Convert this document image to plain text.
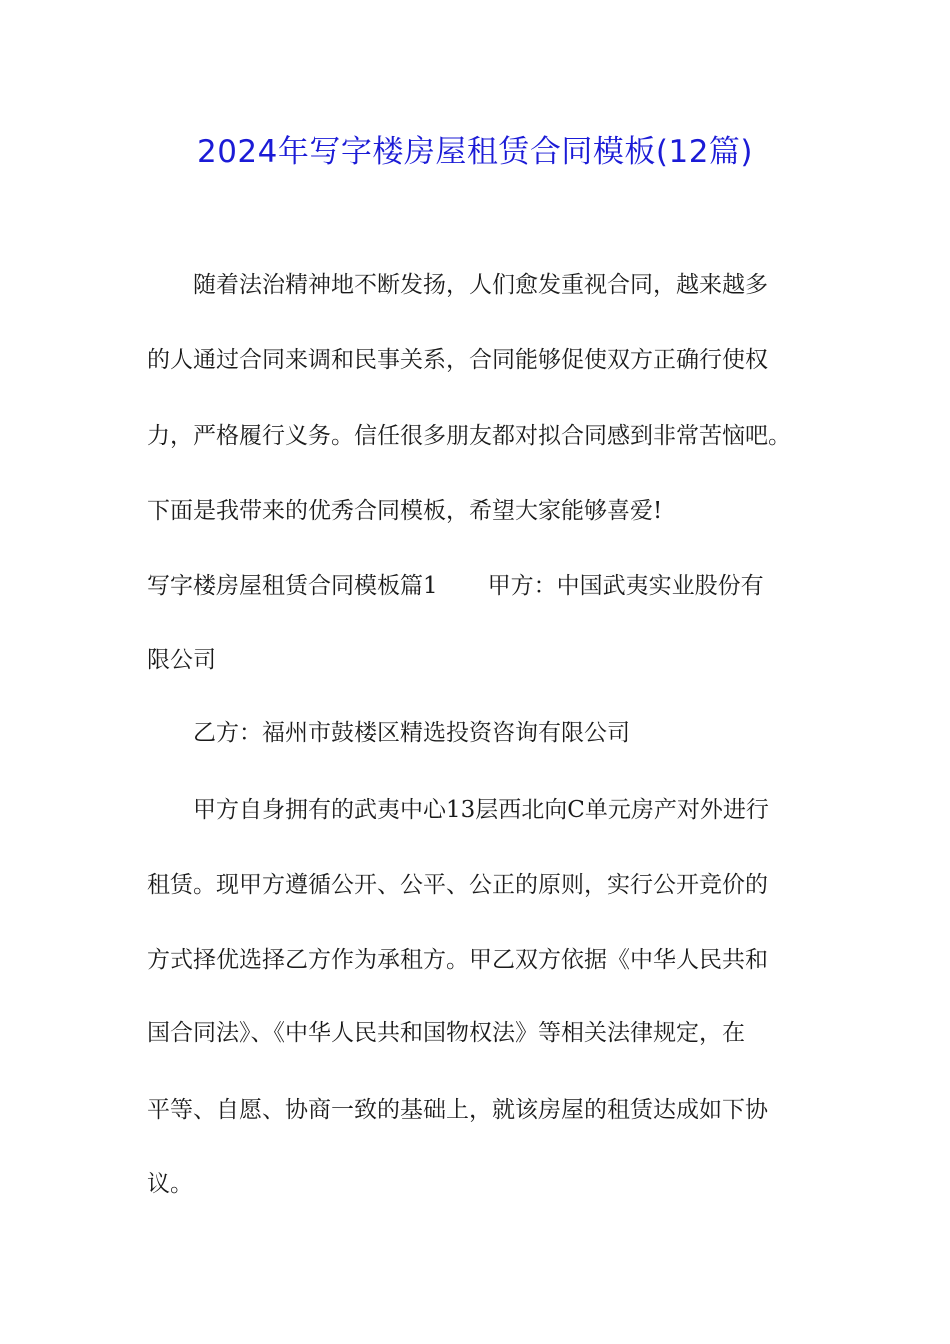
2024年写字楼房屋租赁合同模板(12篇)
随着法治精神地不断发扬，人们愈发重视合同，越来越多
的人通过合同来调和民事关系，合同能够促使双方正确行使权
力，严格履行义务。信任很多朋友都对拟合同感到非常苦恼吧。
下面是我带来的优秀合同模板，希望大家能够喜爱!
写字楼房屋租赁合同模板篇1 甲方：中国武夷实业股份有
限公司
乙方：福州市鼓楼区精选投资咨询有限公司
甲方自身拥有的武夷中心13层西北向C单元房产对外进行
租赁。现甲方遵循公开、公平、公正的原则，实行公开竞价的
方式择优选择乙方作为承租方。甲乙双方依据《中华人民共和
国合同法》、《中华人民共和国物权法》等相关法律规定，在
平等、自愿、协商一致的基础上，就该房屋的租赁达成如下协
议。
